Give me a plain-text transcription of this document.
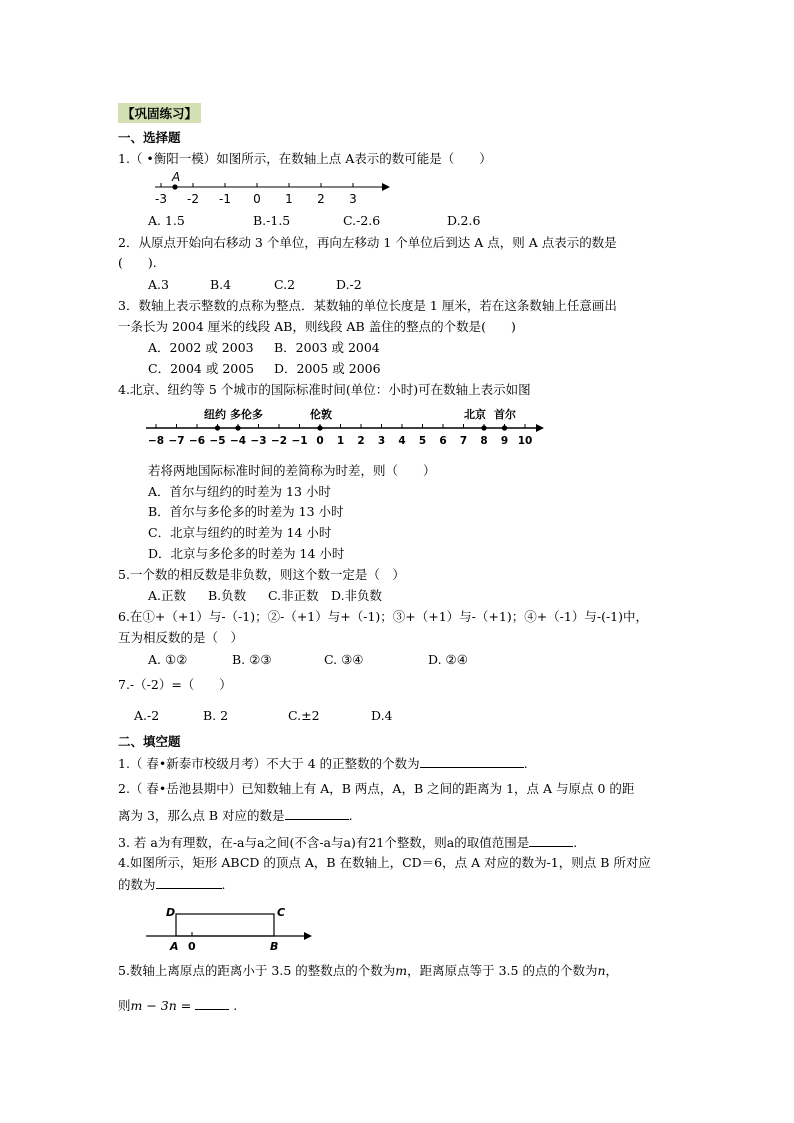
【巩固练习】
一、选择题
1.（ •衡阳一模）如图所示，在数轴上点 A表示的数可能是（　　）
-3 -2 -1 0 1 2 3
A
A. 1.5	B.-1.5	C.-2.6	D.2.6
2．从原点开始向右移动 3 个单位，再向左移动 1 个单位后到达 A 点，则 A 点表示的数是
(　　).
A.3	B.4	C.2	D.-2
3．数轴上表示整数的点称为整点．某数轴的单位长度是 1 厘米，若在这条数轴上任意画出
一条长为 2004 厘米的线段 AB，则线段 AB 盖住的整点的个数是(　　)
A．2002 或 2003 B．2003 或 2004
C．2004 或 2005 D．2005 或 2006
4.北京、纽约等 5 个城市的国际标准时间(单位：小时)可在数轴上表示如图
纽约 多伦多	伦敦	北京 首尔
−8 −7 −6 −5 −4 −3 −2 −1 0 1 2 3 4 5 6 7 8 9 10
若将两地国际标准时间的差简称为时差，则（　　）
A．首尔与纽约的时差为 13 小时
B．首尔与多伦多的时差为 13 小时
C．北京与纽约的时差为 14 小时
D．北京与多伦多的时差为 14 小时
5.一个数的相反数是非负数，则这个数一定是（　）
A.正数 B.负数 C.非正数 D.非负数
6.在①+（+1）与-（-1)；②-（+1）与+（-1)；③+（+1）与-（+1)；④+（-1）与-(-1)中，
互为相反数的是（　）
A. ①②	B. ②③	C. ③④	D. ②④
7.-（-2）=（　　）
A.-2	B. 2	C.±2	D.4
二、填空题
1.（ 春•新泰市校级月考）不大于 4 的正整数的个数为	.
2.（ 春•岳池县期中）已知数轴上有 A，B 两点，A，B 之间的距离为 1，点 A 与原点 0 的距
离为 3，那么点 B 对应的数是	.
3. 若 a为有理数，在-a与a之间(不含-a与a)有21个整数，则a的取值范围是	.
4.如图所示，矩形 ABCD 的顶点 A，B 在数轴上，CD＝6，点 A 对应的数为-1，则点 B 所对应
的数为	.
D	C
A 0	B
5.数轴上离原点的距离小于 3.5 的整数点的个数为m，距离原点等于 3.5 的点的个数为n，
则m − 3n =	.
